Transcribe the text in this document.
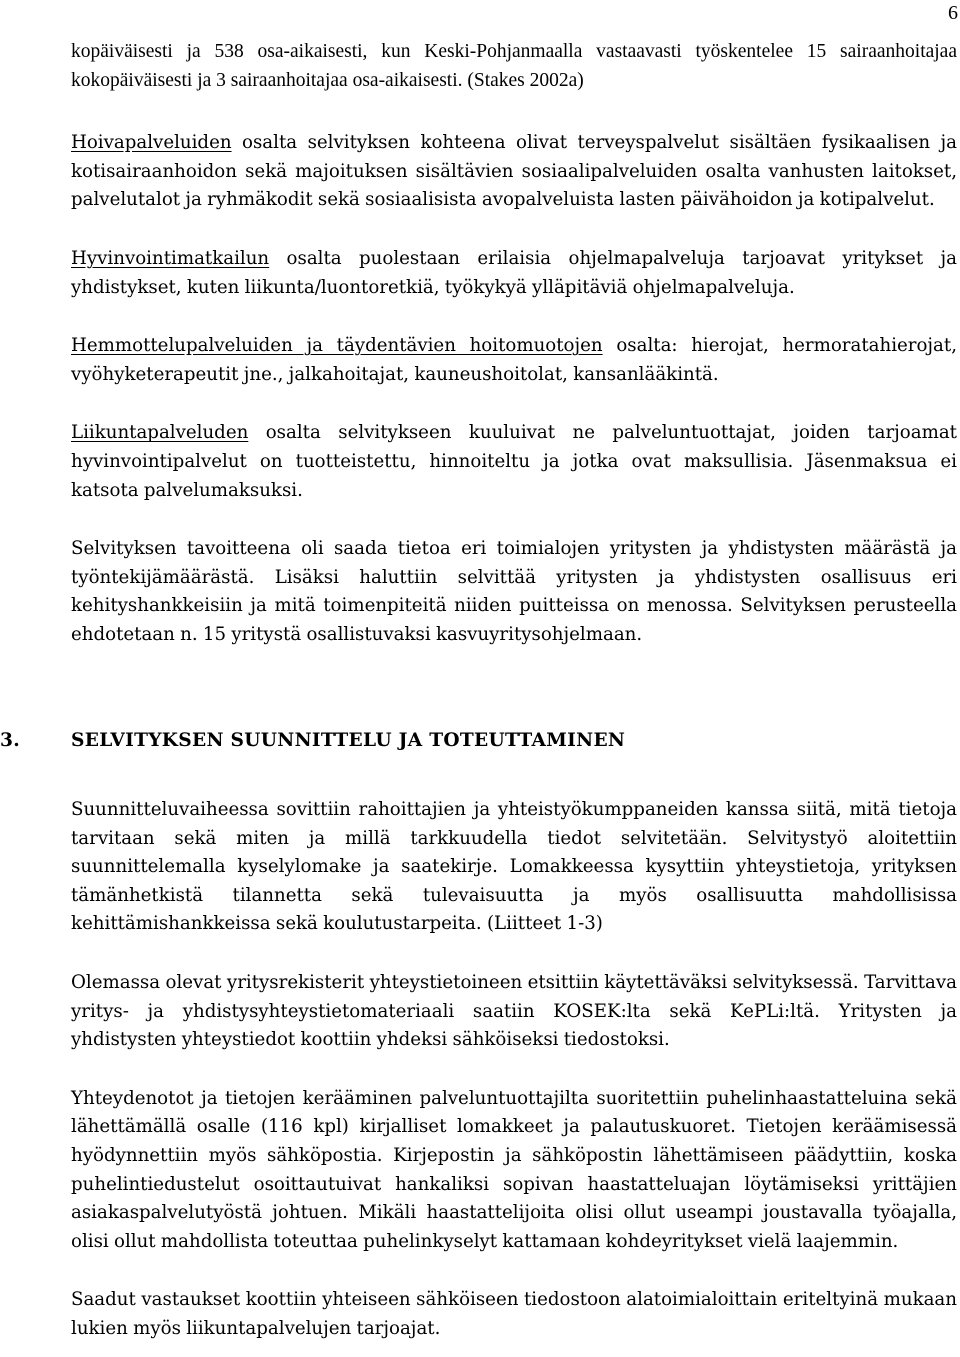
6

kopäiväisesti ja 538 osa-aikaisesti, kun Keski-Pohjanmaalla vastaavasti työskentelee 15 sairaanhoitajaa kokopäiväisesti ja 3 sairaanhoitajaa osa-aikaisesti. (Stakes 2002a)

Hoivapalveluiden osalta selvityksen kohteena olivat terveyspalvelut sisältäen fysikaalisen ja kotisairaanhoidon sekä majoituksen sisältävien sosiaalipalveluiden osalta vanhusten laitokset, palvelutalot ja ryhmäkodit sekä sosiaalisista avopalveluista lasten päivähoidon ja kotipalvelut.

Hyvinvointimatkailun osalta puolestaan erilaisia ohjelmapalveluja tarjoavat yritykset ja yhdistykset, kuten liikunta/luontoretkiä, työkykyä ylläpitäviä ohjelmapalveluja.

Hemmottelupalveluiden ja täydentävien hoitomuotojen osalta: hierojat, hermoratahierojat, vyöhyketerapeutit jne., jalkahoitajat, kauneushoitolat, kansanlääkintä.

Liikuntapalveluden osalta selvitykseen kuuluivat ne palveluntuottajat, joiden tarjoamat hyvinvointipalvelut on tuotteistettu, hinnoiteltu ja jotka ovat maksullisia. Jäsenmaksua ei katsota palvelumaksuksi.

Selvityksen tavoitteena oli saada tietoa eri toimialojen yritysten ja yhdistysten määrästä ja työntekijämäärästä. Lisäksi haluttiin selvittää yritysten ja yhdistysten osallisuus eri kehityshankkeisiin ja mitä toimenpiteitä niiden puitteissa on menossa. Selvityksen perusteella ehdotetaan n. 15 yritystä osallistuvaksi kasvuyritysohjelmaan.

3.	SELVITYKSEN SUUNNITTELU JA TOTEUTTAMINEN

Suunnitteluvaiheessa sovittiin rahoittajien ja yhteistyökumppaneiden kanssa siitä, mitä tietoja tarvitaan sekä miten ja millä tarkkuudella tiedot selvitetään. Selvitystyö aloitettiin suunnittelemalla kyselylomake ja saatekirje. Lomakkeessa kysyttiin yhteystietoja, yrityksen tämänhetkistä tilannetta sekä tulevaisuutta ja myös osallisuutta mahdollisissa kehittämishankkeissa sekä koulutustarpeita. (Liitteet 1-3)

Olemassa olevat yritysrekisterit yhteystietoineen etsittiin käytettäväksi selvityksessä. Tarvittava yritys- ja yhdistysyhteystietomateriaali saatiin KOSEK:lta sekä KePLi:ltä. Yritysten ja yhdistysten yhteystiedot koottiin yhdeksi sähköiseksi tiedostoksi.

Yhteydenotot ja tietojen kerääminen palveluntuottajilta suoritettiin puhelinhaastatteluina sekä lähettämällä osalle (116 kpl) kirjalliset lomakkeet ja palautuskuoret. Tietojen keräämisessä hyödynnettiin myös sähköpostia. Kirjepostin ja sähköpostin lähettämiseen päädyttiin, koska puhelintiedustelut osoittautuivat hankaliksi sopivan haastatteluajan löytämiseksi yrittäjien asiakaspalvelutyöstä johtuen. Mikäli haastattelijoita olisi ollut useampi joustavalla työajalla, olisi ollut mahdollista toteuttaa puhelinkyselyt kattamaan kohdeyritykset vielä laajemmin.

Saadut vastaukset koottiin yhteiseen sähköiseen tiedostoon alatoimialoittain eriteltyinä mukaan lukien myös liikuntapalvelujen tarjoajat.
